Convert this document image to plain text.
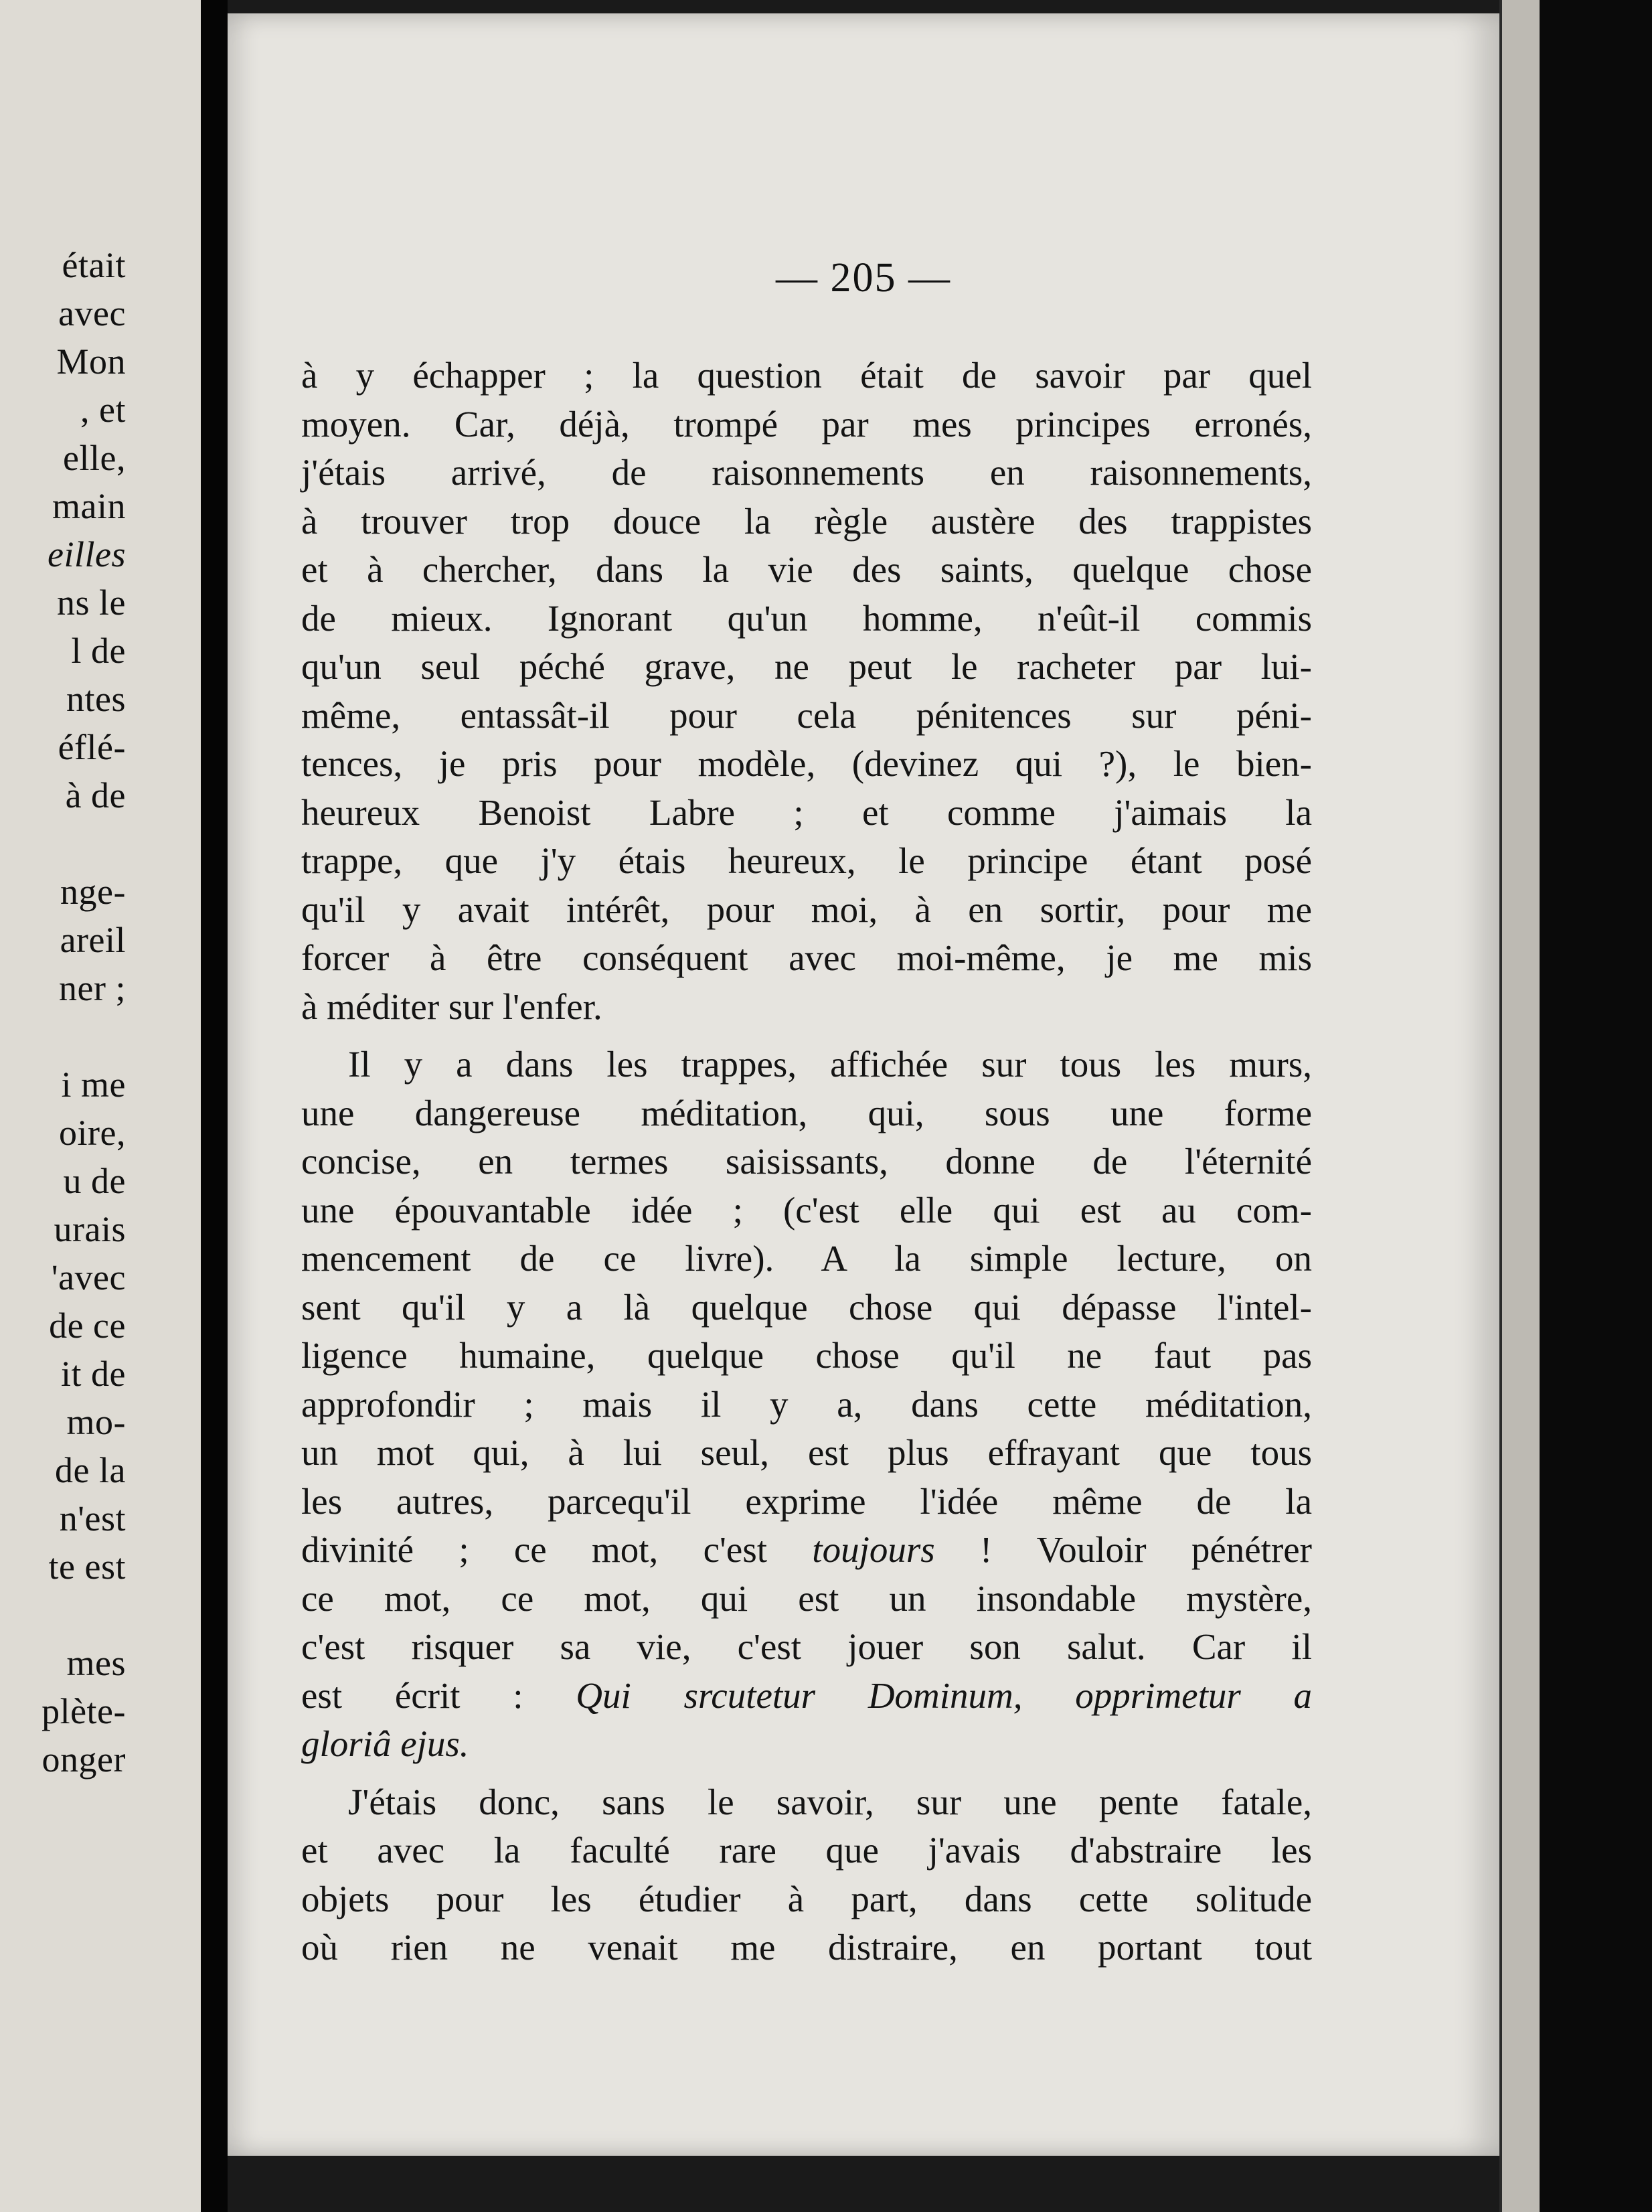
était
avec
Mon
, et
elle,
main
eilles
ns le
l de
ntes
éflé-
à de
nge-
areil
ner ;
i me
oire,
u de
urais
'avec
de ce
it de
mo-
de la
n'est
te est
mes
plète-
onger
— 205 —
à y échapper ; la question était de savoir par quel
moyen. Car, déjà, trompé par mes principes erronés,
j'étais arrivé, de raisonnements en raisonnements,
à trouver trop douce la règle austère des trappistes
et à chercher, dans la vie des saints, quelque chose
de mieux. Ignorant qu'un homme, n'eût-il commis
qu'un seul péché grave, ne peut le racheter par lui-
même, entassât-il pour cela pénitences sur péni-
tences, je pris pour modèle, (devinez qui ?), le bien-
heureux Benoist Labre ; et comme j'aimais la
trappe, que j'y étais heureux, le principe étant posé
qu'il y avait intérêt, pour moi, à en sortir, pour me
forcer à être conséquent avec moi-même, je me mis
à méditer sur l'enfer.
Il y a dans les trappes, affichée sur tous les murs,
une dangereuse méditation, qui, sous une forme
concise, en termes saisissants, donne de l'éternité
une épouvantable idée ; (c'est elle qui est au com-
mencement de ce livre). A la simple lecture, on
sent qu'il y a là quelque chose qui dépasse l'intel-
ligence humaine, quelque chose qu'il ne faut pas
approfondir ; mais il y a, dans cette méditation,
un mot qui, à lui seul, est plus effrayant que tous
les autres, parcequ'il exprime l'idée même de la
divinité ; ce mot, c'est toujours ! Vouloir pénétrer
ce mot, ce mot, qui est un insondable mystère,
c'est risquer sa vie, c'est jouer son salut. Car il
est écrit : Qui srcutetur Dominum, opprimetur a
gloriâ ejus.
J'étais donc, sans le savoir, sur une pente fatale,
et avec la faculté rare que j'avais d'abstraire les
objets pour les étudier à part, dans cette solitude
où rien ne venait me distraire, en portant tout
